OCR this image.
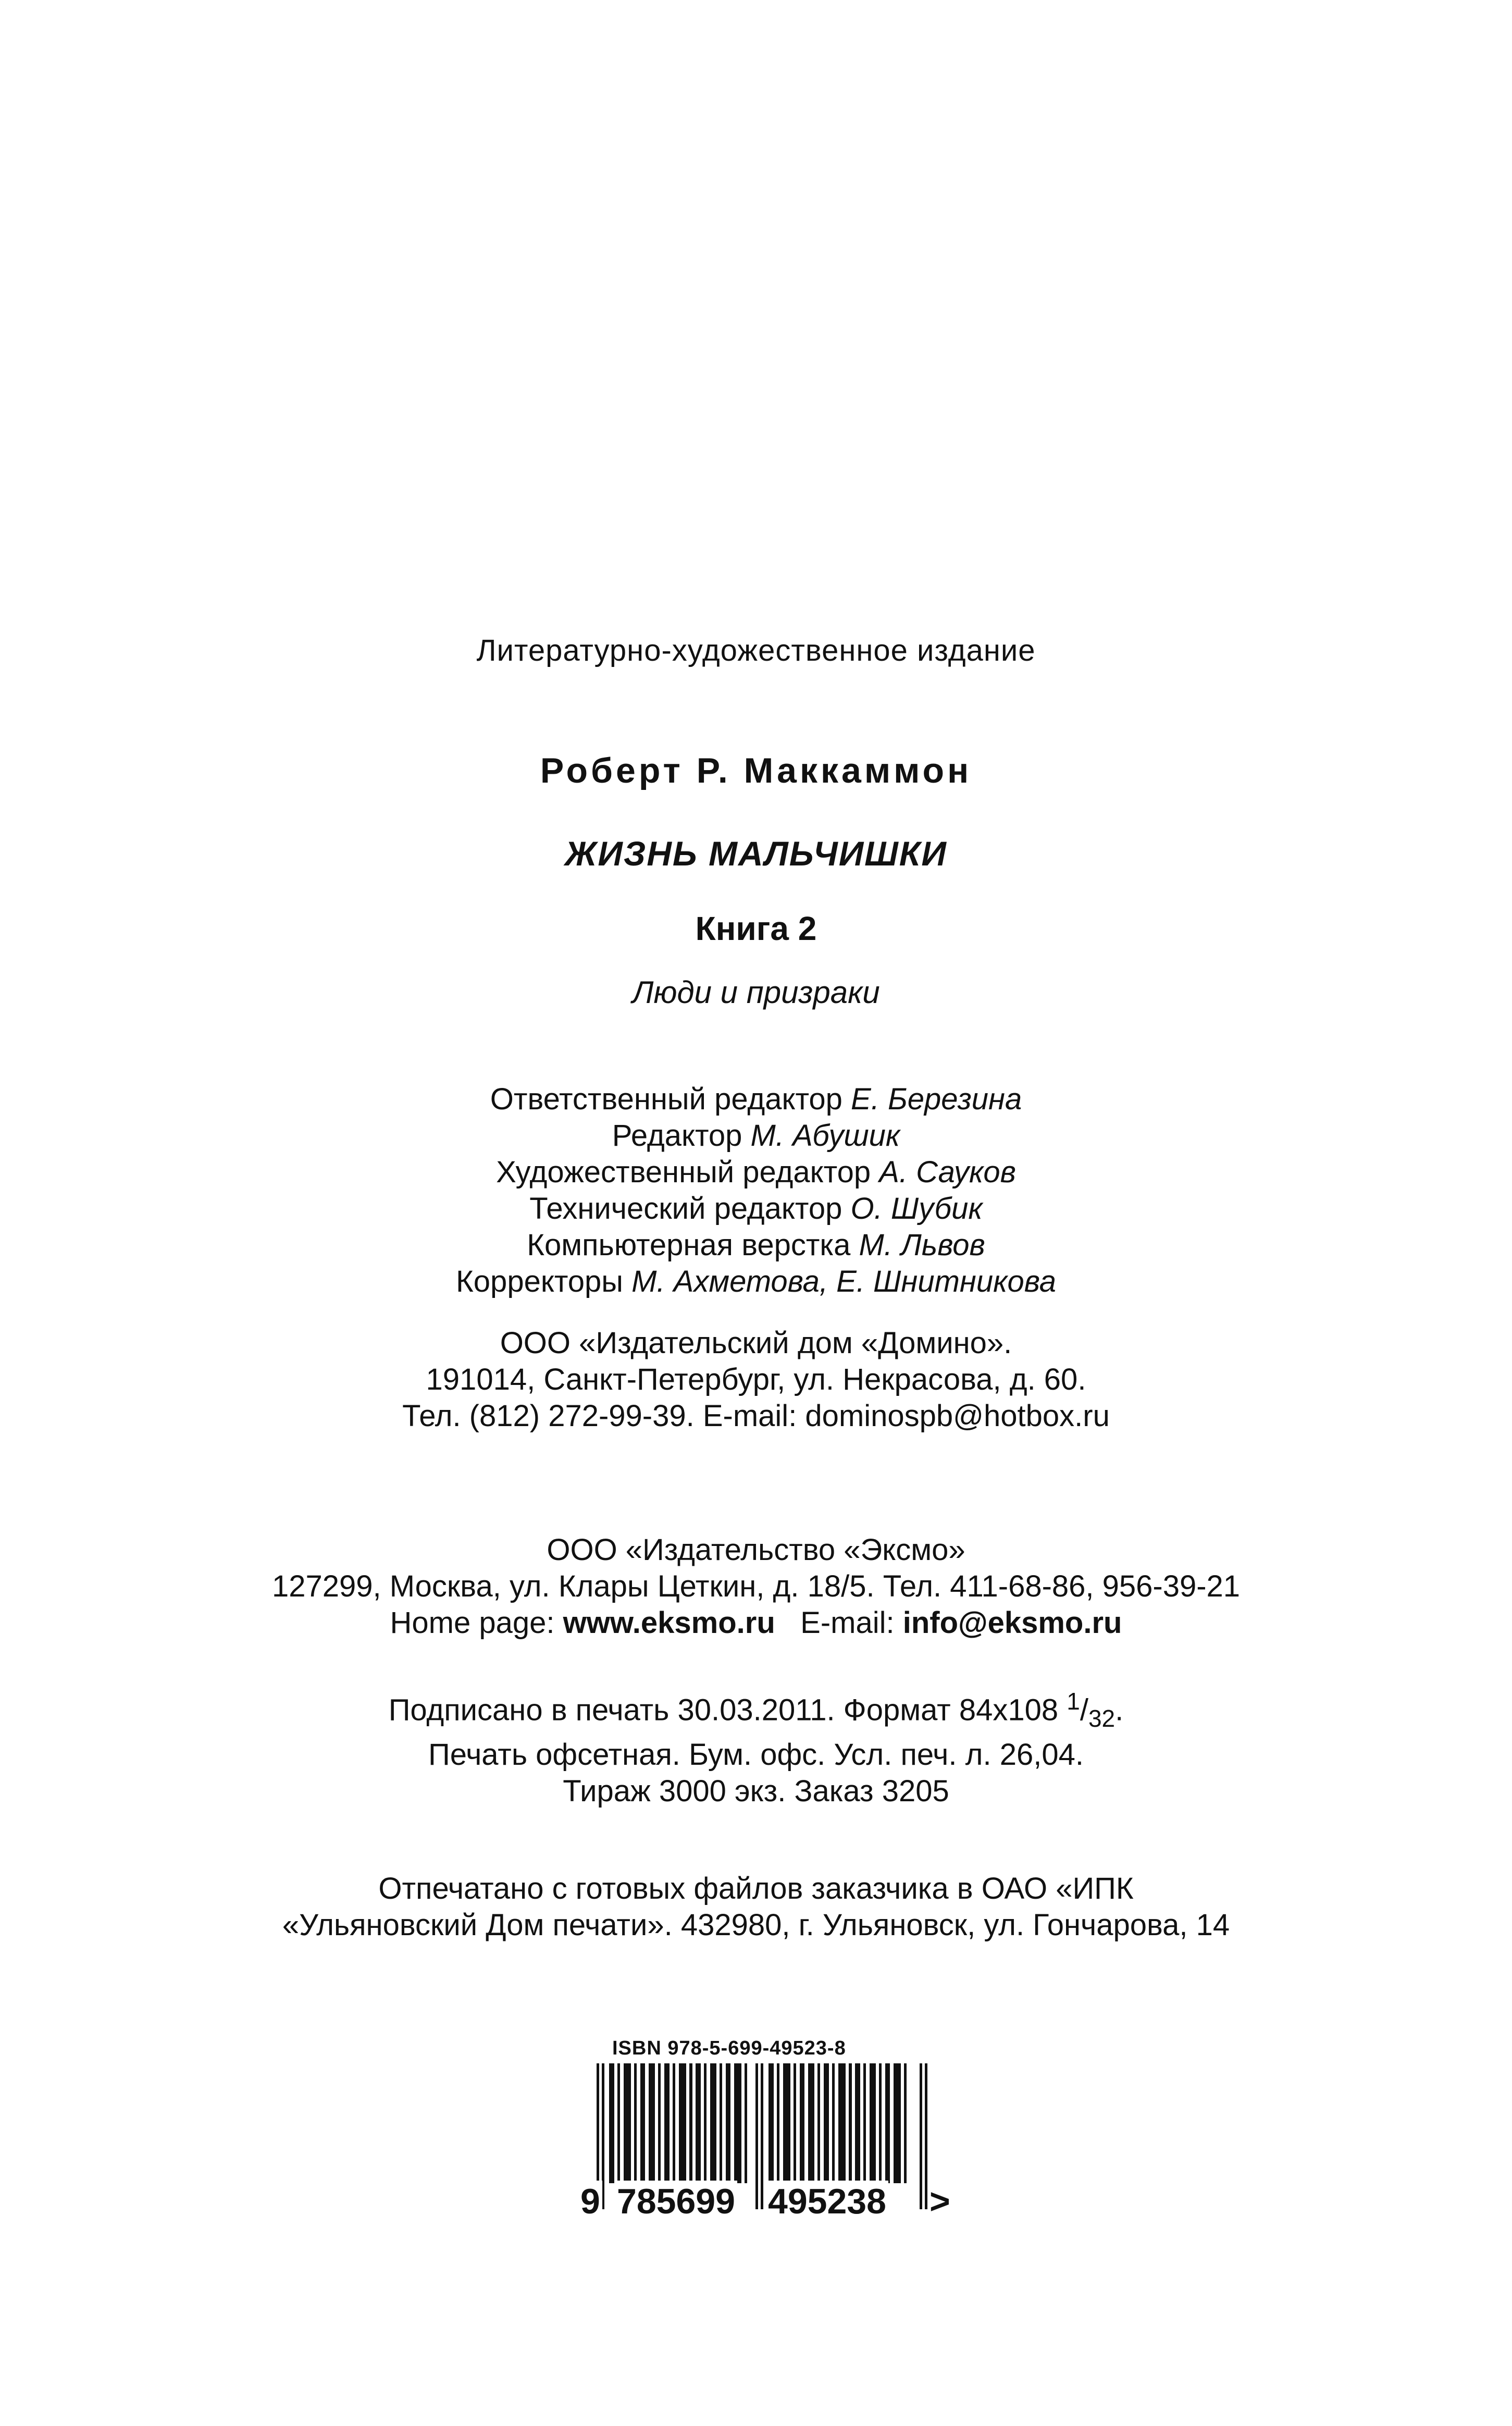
Литературно-художественное издание
Роберт Р. Маккаммон
ЖИЗНЬ МАЛЬЧИШКИ
Книга 2
Люди и призраки
Ответственный редактор Е. Березина
Редактор М. Абушик
Художественный редактор А. Сауков
Технический редактор О. Шубик
Компьютерная верстка М. Львов
Корректоры М. Ахметова, Е. Шнитникова
ООО «Издательский дом «Домино».
191014, Санкт-Петербург, ул. Некрасова, д. 60.
Тел. (812) 272-99-39. E-mail: dominospb@hotbox.ru
ООО «Издательство «Эксмо»
127299, Москва, ул. Клары Цеткин, д. 18/5. Тел. 411-68-86, 956-39-21
Home page: www.eksmo.ru E-mail: info@eksmo.ru
Подписано в печать 30.03.2011. Формат 84x108 $^1/_{32}$.
Печать офсетная. Бум. офс. Усл. печ. л. 26,04.
Тираж 3000 экз. Заказ 3205
Отпечатано с готовых файлов заказчика в ОАО «ИПК
«Ульяновский Дом печати». 432980, г. Ульяновск, ул. Гончарова, 14
ISBN 978-5-699-49523-8
9 785699 495238 >
